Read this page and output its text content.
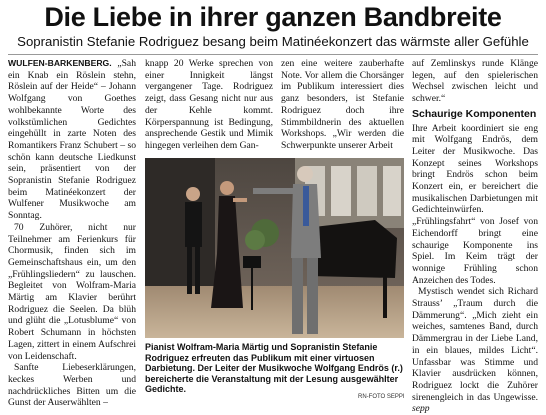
Die Liebe in ihrer ganzen Bandbreite
Sopranistin Stefanie Rodriguez besang beim Matinéekonzert das wärmste aller Gefühle

WULFEN-BARKENBERG. „Sah ein Knab ein Röslein stehn, Röslein auf der Heide“ – Johann Wolfgang von Goethes wohlbekannte Worte des volkstümlichen Gedichtes eingehüllt in zarte Noten des Romantikers Franz Schubert – so schön kann deutsche Liedkunst sein, präsentiert von der Sopranistin Stefanie Rodriguez beim Matinéekonzert der Wulfener Musikwoche am Sonntag.

70 Zuhörer, nicht nur Teilnehmer am Ferienkurs für Chormusik, finden sich im Gemeinschaftshaus ein, um den „Frühlingsliedern“ zu lauschen. Begleitet von Wolfram-Maria Märtig am Klavier berührt Rodriguez die Seelen. Da blüh und glüht die „Lotusblume“ von Robert Schumann in höchsten Lagen, zittert in einem Aufschrei von Leidenschaft.

Sanfte Liebeserklärungen, keckes Werben und nachdrückliches Bitten um die Gunst der Auserwählten –

knapp 20 Werke sprechen von einer Innigkeit längst vergangener Tage. Rodriguez zeigt, dass Gesang nicht nur aus der Kehle kommt. Körperspannung ist Bedingung, ansprechende Gestik und Mimik hingegen verleihen dem Gan-

zen eine weitere zauberhafte Note. Vor allem die Chorsänger im Publikum interessiert dies ganz besonders, ist Stefanie Rodriguez doch ihre Stimmbildnerin des aktuellen Workshops. „Wir werden die Schwerpunkte unserer Arbeit

auf Zemlinskys runde Klänge legen, auf den spielerischen Wechsel zwischen leicht und schwer.“

Schaurige Komponenten

Ihre Arbeit koordiniert sie eng mit Wolfgang Endrös, dem Leiter der Musikwoche. Das Konzept seines Workshops bringt Endrös schon beim Konzert ein, er bereichert die musikalischen Darbietungen mit Gedichteinwürfen. „Frühlingsfahrt“ von Josef von Eichendorff bringt eine schaurige Komponente ins Spiel. Im Keim trägt der wonnige Frühling schon Anzeichen des Todes.

Mystisch wendet sich Richard Strauss’ „Traum durch die Dämmerung“. „Mich zieht ein weiches, samtenes Band, durch Dämmergrau in der Liebe Land, in ein blaues, mildes Licht“. Unfassbar was Stimme und Klavier ausdrücken können, Rodriguez lockt die Zuhörer sirenengleich in das Ungewisse. sepp

Pianist Wolfram-Maria Märtig und Sopranistin Stefanie Rodriguez erfreuten das Publikum mit einer virtuosen Darbietung. Der Leiter der Musikwoche Wolfgang Endrös (r.) bereicherte die Veranstaltung mit der Lesung ausgewählter Gedichte.
RN-FOTO SEPPI
